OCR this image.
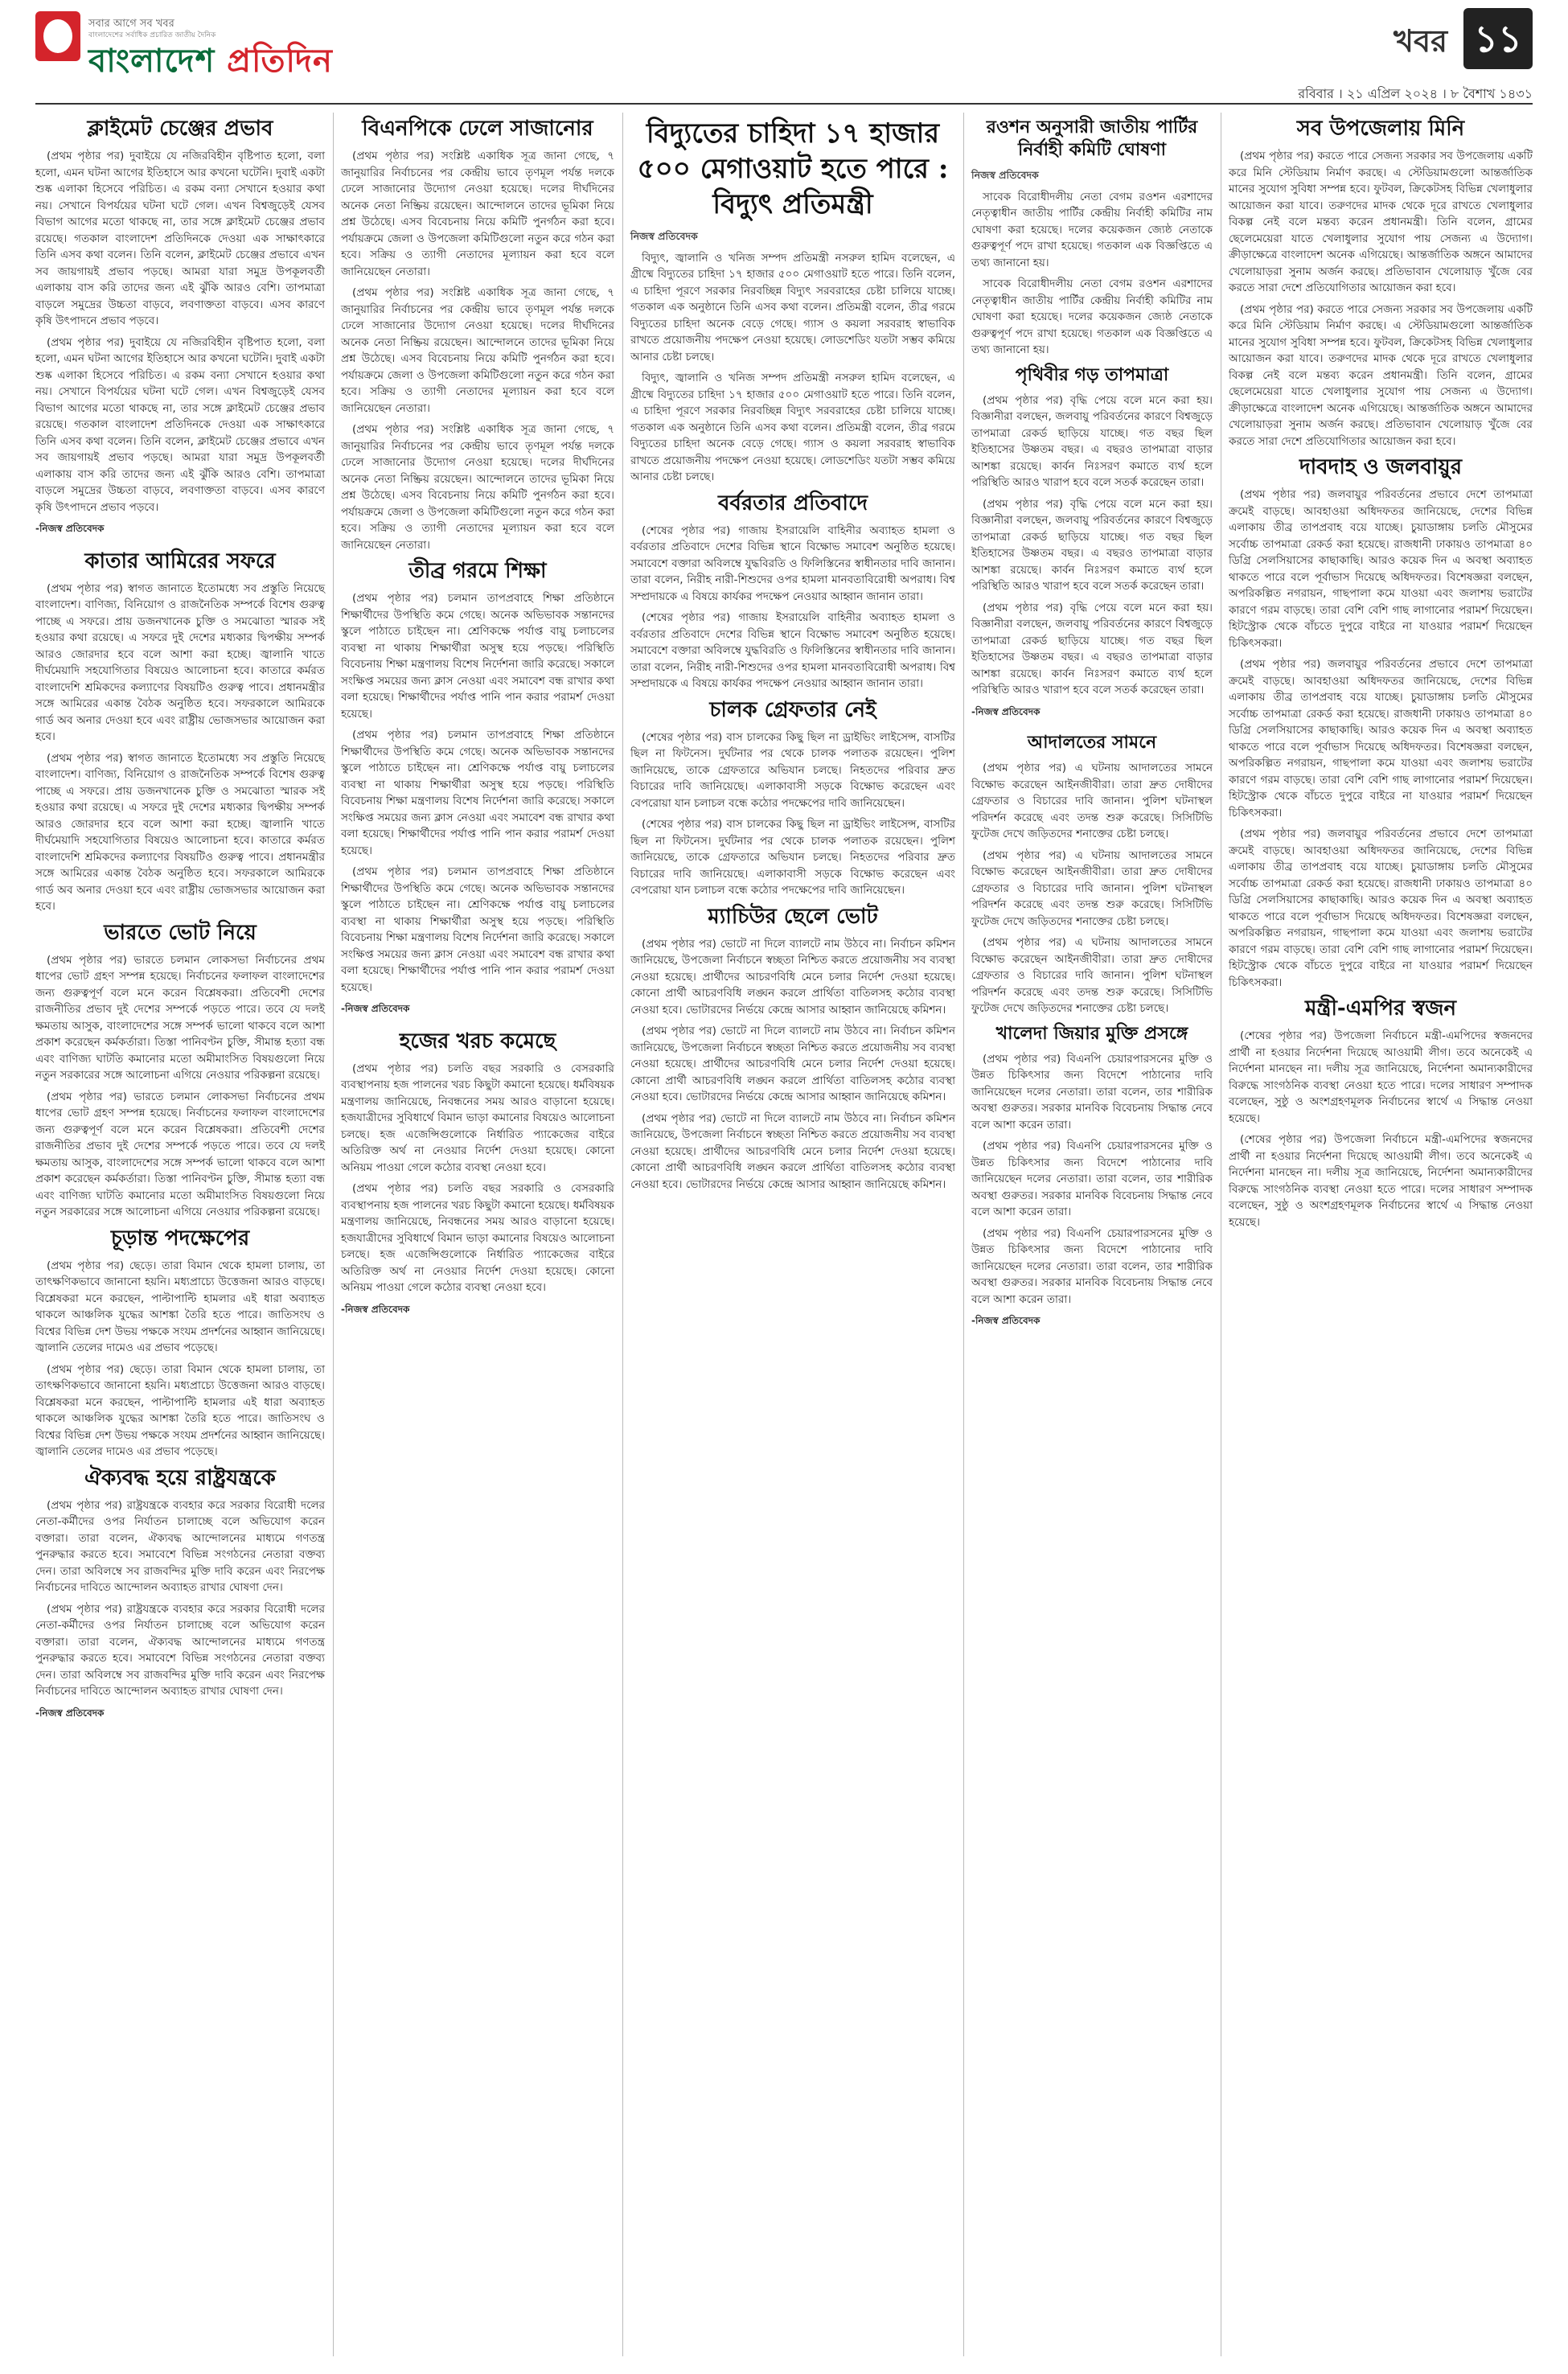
সবার আগে সব খবর
বাংলাদেশের সর্বাধিক প্রচারিত জাতীয় দৈনিক
বাংলাদেশ প্রতিদিন
খবর ১১
রবিবার । ২১ এপ্রিল ২০২৪ । ৮ বৈশাখ ১৪৩১
ক্লাইমেট চেঞ্জের প্রভাব

(প্রথম পৃষ্ঠার পর) দুবাইয়ে যে নজিরবিহীন বৃষ্টিপাত হলো, বলা হলো, এমন ঘটনা আগের ইতিহাসে আর কখনো ঘটেনি। দুবাই একটা শুষ্ক এলাকা হিসেবে পরিচিত। এ রকম বন্যা সেখানে হওয়ার কথা নয়। সেখানে বিপর্যয়ের ঘটনা ঘটে গেল। এখন বিশ্বজুড়েই যেসব বিভাগ আগের মতো থাকছে না, তার সঙ্গে ক্লাইমেট চেঞ্জের প্রভাব রয়েছে। গতকাল বাংলাদেশ প্রতিদিনকে দেওয়া এক সাক্ষাৎকারে তিনি এসব কথা বলেন। তিনি বলেন, ক্লাইমেট চেঞ্জের প্রভাবে এখন সব জায়গায়ই প্রভাব পড়ছে। আমরা যারা সমুদ্র উপকূলবর্তী এলাকায় বাস করি তাদের জন্য এই ঝুঁকি আরও বেশি। তাপমাত্রা বাড়লে সমুদ্রের উচ্চতা বাড়বে, লবণাক্ততা বাড়বে। এসব কারণে কৃষি উৎপাদনে প্রভাব পড়বে।

(প্রথম পৃষ্ঠার পর) দুবাইয়ে যে নজিরবিহীন বৃষ্টিপাত হলো, বলা হলো, এমন ঘটনা আগের ইতিহাসে আর কখনো ঘটেনি। দুবাই একটা শুষ্ক এলাকা হিসেবে পরিচিত। এ রকম বন্যা সেখানে হওয়ার কথা নয়। সেখানে বিপর্যয়ের ঘটনা ঘটে গেল। এখন বিশ্বজুড়েই যেসব বিভাগ আগের মতো থাকছে না, তার সঙ্গে ক্লাইমেট চেঞ্জের প্রভাব রয়েছে। গতকাল বাংলাদেশ প্রতিদিনকে দেওয়া এক সাক্ষাৎকারে তিনি এসব কথা বলেন। তিনি বলেন, ক্লাইমেট চেঞ্জের প্রভাবে এখন সব জায়গায়ই প্রভাব পড়ছে। আমরা যারা সমুদ্র উপকূলবর্তী এলাকায় বাস করি তাদের জন্য এই ঝুঁকি আরও বেশি। তাপমাত্রা বাড়লে সমুদ্রের উচ্চতা বাড়বে, লবণাক্ততা বাড়বে। এসব কারণে কৃষি উৎপাদনে প্রভাব পড়বে।

-নিজস্ব প্রতিবেদক
কাতার আমিরের সফরে

(প্রথম পৃষ্ঠার পর) স্বাগত জানাতে ইতোমধ্যে সব প্রস্তুতি নিয়েছে বাংলাদেশ। বাণিজ্য, বিনিয়োগ ও রাজনৈতিক সম্পর্কে বিশেষ গুরুত্ব পাচ্ছে এ সফরে। প্রায় ডজনখানেক চুক্তি ও সমঝোতা স্মারক সই হওয়ার কথা রয়েছে। এ সফরে দুই দেশের মধ্যকার দ্বিপক্ষীয় সম্পর্ক আরও জোরদার হবে বলে আশা করা হচ্ছে। জ্বালানি খাতে দীর্ঘমেয়াদি সহযোগিতার বিষয়েও আলোচনা হবে। কাতারে কর্মরত বাংলাদেশি শ্রমিকদের কল্যাণের বিষয়টিও গুরুত্ব পাবে। প্রধানমন্ত্রীর সঙ্গে আমিরের একান্ত বৈঠক অনুষ্ঠিত হবে। সফরকালে আমিরকে গার্ড অব অনার দেওয়া হবে এবং রাষ্ট্রীয় ভোজসভার আয়োজন করা হবে।

(প্রথম পৃষ্ঠার পর) স্বাগত জানাতে ইতোমধ্যে সব প্রস্তুতি নিয়েছে বাংলাদেশ। বাণিজ্য, বিনিয়োগ ও রাজনৈতিক সম্পর্কে বিশেষ গুরুত্ব পাচ্ছে এ সফরে। প্রায় ডজনখানেক চুক্তি ও সমঝোতা স্মারক সই হওয়ার কথা রয়েছে। এ সফরে দুই দেশের মধ্যকার দ্বিপক্ষীয় সম্পর্ক আরও জোরদার হবে বলে আশা করা হচ্ছে। জ্বালানি খাতে দীর্ঘমেয়াদি সহযোগিতার বিষয়েও আলোচনা হবে। কাতারে কর্মরত বাংলাদেশি শ্রমিকদের কল্যাণের বিষয়টিও গুরুত্ব পাবে। প্রধানমন্ত্রীর সঙ্গে আমিরের একান্ত বৈঠক অনুষ্ঠিত হবে। সফরকালে আমিরকে গার্ড অব অনার দেওয়া হবে এবং রাষ্ট্রীয় ভোজসভার আয়োজন করা হবে।

ভারতে ভোট নিয়ে

(প্রথম পৃষ্ঠার পর) ভারতে চলমান লোকসভা নির্বাচনের প্রথম ধাপের ভোট গ্রহণ সম্পন্ন হয়েছে। নির্বাচনের ফলাফল বাংলাদেশের জন্য গুরুত্বপূর্ণ বলে মনে করেন বিশ্লেষকরা। প্রতিবেশী দেশের রাজনীতির প্রভাব দুই দেশের সম্পর্কে পড়তে পারে। তবে যে দলই ক্ষমতায় আসুক, বাংলাদেশের সঙ্গে সম্পর্ক ভালো থাকবে বলে আশা প্রকাশ করেছেন কর্মকর্তারা। তিস্তা পানিবণ্টন চুক্তি, সীমান্ত হত্যা বন্ধ এবং বাণিজ্য ঘাটতি কমানোর মতো অমীমাংসিত বিষয়গুলো নিয়ে নতুন সরকারের সঙ্গে আলোচনা এগিয়ে নেওয়ার পরিকল্পনা রয়েছে।

(প্রথম পৃষ্ঠার পর) ভারতে চলমান লোকসভা নির্বাচনের প্রথম ধাপের ভোট গ্রহণ সম্পন্ন হয়েছে। নির্বাচনের ফলাফল বাংলাদেশের জন্য গুরুত্বপূর্ণ বলে মনে করেন বিশ্লেষকরা। প্রতিবেশী দেশের রাজনীতির প্রভাব দুই দেশের সম্পর্কে পড়তে পারে। তবে যে দলই ক্ষমতায় আসুক, বাংলাদেশের সঙ্গে সম্পর্ক ভালো থাকবে বলে আশা প্রকাশ করেছেন কর্মকর্তারা। তিস্তা পানিবণ্টন চুক্তি, সীমান্ত হত্যা বন্ধ এবং বাণিজ্য ঘাটতি কমানোর মতো অমীমাংসিত বিষয়গুলো নিয়ে নতুন সরকারের সঙ্গে আলোচনা এগিয়ে নেওয়ার পরিকল্পনা রয়েছে।

চূড়ান্ত পদক্ষেপের

(প্রথম পৃষ্ঠার পর) ছেড়ে। তারা বিমান থেকে হামলা চালায়, তা তাৎক্ষণিকভাবে জানানো হয়নি। মধ্যপ্রাচ্যে উত্তেজনা আরও বাড়ছে। বিশ্লেষকরা মনে করছেন, পাল্টাপাল্টি হামলার এই ধারা অব্যাহত থাকলে আঞ্চলিক যুদ্ধের আশঙ্কা তৈরি হতে পারে। জাতিসংঘ ও বিশ্বের বিভিন্ন দেশ উভয় পক্ষকে সংযম প্রদর্শনের আহ্বান জানিয়েছে। জ্বালানি তেলের দামেও এর প্রভাব পড়েছে।

(প্রথম পৃষ্ঠার পর) ছেড়ে। তারা বিমান থেকে হামলা চালায়, তা তাৎক্ষণিকভাবে জানানো হয়নি। মধ্যপ্রাচ্যে উত্তেজনা আরও বাড়ছে। বিশ্লেষকরা মনে করছেন, পাল্টাপাল্টি হামলার এই ধারা অব্যাহত থাকলে আঞ্চলিক যুদ্ধের আশঙ্কা তৈরি হতে পারে। জাতিসংঘ ও বিশ্বের বিভিন্ন দেশ উভয় পক্ষকে সংযম প্রদর্শনের আহ্বান জানিয়েছে। জ্বালানি তেলের দামেও এর প্রভাব পড়েছে।

ঐক্যবদ্ধ হয়ে রাষ্ট্রযন্ত্রকে

(প্রথম পৃষ্ঠার পর) রাষ্ট্রযন্ত্রকে ব্যবহার করে সরকার বিরোধী দলের নেতা-কর্মীদের ওপর নির্যাতন চালাচ্ছে বলে অভিযোগ করেন বক্তারা। তারা বলেন, ঐক্যবদ্ধ আন্দোলনের মাধ্যমে গণতন্ত্র পুনরুদ্ধার করতে হবে। সমাবেশে বিভিন্ন সংগঠনের নেতারা বক্তব্য দেন। তারা অবিলম্বে সব রাজবন্দির মুক্তি দাবি করেন এবং নিরপেক্ষ নির্বাচনের দাবিতে আন্দোলন অব্যাহত রাখার ঘোষণা দেন।

(প্রথম পৃষ্ঠার পর) রাষ্ট্রযন্ত্রকে ব্যবহার করে সরকার বিরোধী দলের নেতা-কর্মীদের ওপর নির্যাতন চালাচ্ছে বলে অভিযোগ করেন বক্তারা। তারা বলেন, ঐক্যবদ্ধ আন্দোলনের মাধ্যমে গণতন্ত্র পুনরুদ্ধার করতে হবে। সমাবেশে বিভিন্ন সংগঠনের নেতারা বক্তব্য দেন। তারা অবিলম্বে সব রাজবন্দির মুক্তি দাবি করেন এবং নিরপেক্ষ নির্বাচনের দাবিতে আন্দোলন অব্যাহত রাখার ঘোষণা দেন।

-নিজস্ব প্রতিবেদক
বিএনপিকে ঢেলে সাজানোর

(প্রথম পৃষ্ঠার পর) সংশ্লিষ্ট একাধিক সূত্র জানা গেছে, ৭ জানুয়ারির নির্বাচনের পর কেন্দ্রীয় ভাবে তৃণমূল পর্যন্ত দলকে ঢেলে সাজানোর উদ্যোগ নেওয়া হয়েছে। দলের দীর্ঘদিনের অনেক নেতা নিষ্ক্রিয় রয়েছেন। আন্দোলনে তাদের ভূমিকা নিয়ে প্রশ্ন উঠেছে। এসব বিবেচনায় নিয়ে কমিটি পুনর্গঠন করা হবে। পর্যায়ক্রমে জেলা ও উপজেলা কমিটিগুলো নতুন করে গঠন করা হবে। সক্রিয় ও ত্যাগী নেতাদের মূল্যায়ন করা হবে বলে জানিয়েছেন নেতারা।

(প্রথম পৃষ্ঠার পর) সংশ্লিষ্ট একাধিক সূত্র জানা গেছে, ৭ জানুয়ারির নির্বাচনের পর কেন্দ্রীয় ভাবে তৃণমূল পর্যন্ত দলকে ঢেলে সাজানোর উদ্যোগ নেওয়া হয়েছে। দলের দীর্ঘদিনের অনেক নেতা নিষ্ক্রিয় রয়েছেন। আন্দোলনে তাদের ভূমিকা নিয়ে প্রশ্ন উঠেছে। এসব বিবেচনায় নিয়ে কমিটি পুনর্গঠন করা হবে। পর্যায়ক্রমে জেলা ও উপজেলা কমিটিগুলো নতুন করে গঠন করা হবে। সক্রিয় ও ত্যাগী নেতাদের মূল্যায়ন করা হবে বলে জানিয়েছেন নেতারা।

(প্রথম পৃষ্ঠার পর) সংশ্লিষ্ট একাধিক সূত্র জানা গেছে, ৭ জানুয়ারির নির্বাচনের পর কেন্দ্রীয় ভাবে তৃণমূল পর্যন্ত দলকে ঢেলে সাজানোর উদ্যোগ নেওয়া হয়েছে। দলের দীর্ঘদিনের অনেক নেতা নিষ্ক্রিয় রয়েছেন। আন্দোলনে তাদের ভূমিকা নিয়ে প্রশ্ন উঠেছে। এসব বিবেচনায় নিয়ে কমিটি পুনর্গঠন করা হবে। পর্যায়ক্রমে জেলা ও উপজেলা কমিটিগুলো নতুন করে গঠন করা হবে। সক্রিয় ও ত্যাগী নেতাদের মূল্যায়ন করা হবে বলে জানিয়েছেন নেতারা।

তীব্র গরমে শিক্ষা

(প্রথম পৃষ্ঠার পর) চলমান তাপপ্রবাহে শিক্ষা প্রতিষ্ঠানে শিক্ষার্থীদের উপস্থিতি কমে গেছে। অনেক অভিভাবক সন্তানদের স্কুলে পাঠাতে চাইছেন না। শ্রেণিকক্ষে পর্যাপ্ত বায়ু চলাচলের ব্যবস্থা না থাকায় শিক্ষার্থীরা অসুস্থ হয়ে পড়ছে। পরিস্থিতি বিবেচনায় শিক্ষা মন্ত্রণালয় বিশেষ নির্দেশনা জারি করেছে। সকালে সংক্ষিপ্ত সময়ের জন্য ক্লাস নেওয়া এবং সমাবেশ বন্ধ রাখার কথা বলা হয়েছে। শিক্ষার্থীদের পর্যাপ্ত পানি পান করার পরামর্শ দেওয়া হয়েছে।

(প্রথম পৃষ্ঠার পর) চলমান তাপপ্রবাহে শিক্ষা প্রতিষ্ঠানে শিক্ষার্থীদের উপস্থিতি কমে গেছে। অনেক অভিভাবক সন্তানদের স্কুলে পাঠাতে চাইছেন না। শ্রেণিকক্ষে পর্যাপ্ত বায়ু চলাচলের ব্যবস্থা না থাকায় শিক্ষার্থীরা অসুস্থ হয়ে পড়ছে। পরিস্থিতি বিবেচনায় শিক্ষা মন্ত্রণালয় বিশেষ নির্দেশনা জারি করেছে। সকালে সংক্ষিপ্ত সময়ের জন্য ক্লাস নেওয়া এবং সমাবেশ বন্ধ রাখার কথা বলা হয়েছে। শিক্ষার্থীদের পর্যাপ্ত পানি পান করার পরামর্শ দেওয়া হয়েছে।

(প্রথম পৃষ্ঠার পর) চলমান তাপপ্রবাহে শিক্ষা প্রতিষ্ঠানে শিক্ষার্থীদের উপস্থিতি কমে গেছে। অনেক অভিভাবক সন্তানদের স্কুলে পাঠাতে চাইছেন না। শ্রেণিকক্ষে পর্যাপ্ত বায়ু চলাচলের ব্যবস্থা না থাকায় শিক্ষার্থীরা অসুস্থ হয়ে পড়ছে। পরিস্থিতি বিবেচনায় শিক্ষা মন্ত্রণালয় বিশেষ নির্দেশনা জারি করেছে। সকালে সংক্ষিপ্ত সময়ের জন্য ক্লাস নেওয়া এবং সমাবেশ বন্ধ রাখার কথা বলা হয়েছে। শিক্ষার্থীদের পর্যাপ্ত পানি পান করার পরামর্শ দেওয়া হয়েছে।

-নিজস্ব প্রতিবেদক
হজের খরচ কমেছে

(প্রথম পৃষ্ঠার পর) চলতি বছর সরকারি ও বেসরকারি ব্যবস্থাপনায় হজ পালনের খরচ কিছুটা কমানো হয়েছে। ধর্মবিষয়ক মন্ত্রণালয় জানিয়েছে, নিবন্ধনের সময় আরও বাড়ানো হয়েছে। হজযাত্রীদের সুবিধার্থে বিমান ভাড়া কমানোর বিষয়েও আলোচনা চলছে। হজ এজেন্সিগুলোকে নির্ধারিত প্যাকেজের বাইরে অতিরিক্ত অর্থ না নেওয়ার নির্দেশ দেওয়া হয়েছে। কোনো অনিয়ম পাওয়া গেলে কঠোর ব্যবস্থা নেওয়া হবে।

(প্রথম পৃষ্ঠার পর) চলতি বছর সরকারি ও বেসরকারি ব্যবস্থাপনায় হজ পালনের খরচ কিছুটা কমানো হয়েছে। ধর্মবিষয়ক মন্ত্রণালয় জানিয়েছে, নিবন্ধনের সময় আরও বাড়ানো হয়েছে। হজযাত্রীদের সুবিধার্থে বিমান ভাড়া কমানোর বিষয়েও আলোচনা চলছে। হজ এজেন্সিগুলোকে নির্ধারিত প্যাকেজের বাইরে অতিরিক্ত অর্থ না নেওয়ার নির্দেশ দেওয়া হয়েছে। কোনো অনিয়ম পাওয়া গেলে কঠোর ব্যবস্থা নেওয়া হবে।

-নিজস্ব প্রতিবেদক
বিদ্যুতের চাহিদা ১৭ হাজার ৫০০ মেগাওয়াট হতে পারে : বিদ্যুৎ প্রতিমন্ত্রী
নিজস্ব প্রতিবেদক

বিদ্যুৎ, জ্বালানি ও খনিজ সম্পদ প্রতিমন্ত্রী নসরুল হামিদ বলেছেন, এ গ্রীষ্মে বিদ্যুতের চাহিদা ১৭ হাজার ৫০০ মেগাওয়াট হতে পারে। তিনি বলেন, এ চাহিদা পূরণে সরকার নিরবচ্ছিন্ন বিদ্যুৎ সরবরাহের চেষ্টা চালিয়ে যাচ্ছে। গতকাল এক অনুষ্ঠানে তিনি এসব কথা বলেন। প্রতিমন্ত্রী বলেন, তীব্র গরমে বিদ্যুতের চাহিদা অনেক বেড়ে গেছে। গ্যাস ও কয়লা সরবরাহ স্বাভাবিক রাখতে প্রয়োজনীয় পদক্ষেপ নেওয়া হয়েছে। লোডশেডিং যতটা সম্ভব কমিয়ে আনার চেষ্টা চলছে।

বিদ্যুৎ, জ্বালানি ও খনিজ সম্পদ প্রতিমন্ত্রী নসরুল হামিদ বলেছেন, এ গ্রীষ্মে বিদ্যুতের চাহিদা ১৭ হাজার ৫০০ মেগাওয়াট হতে পারে। তিনি বলেন, এ চাহিদা পূরণে সরকার নিরবচ্ছিন্ন বিদ্যুৎ সরবরাহের চেষ্টা চালিয়ে যাচ্ছে। গতকাল এক অনুষ্ঠানে তিনি এসব কথা বলেন। প্রতিমন্ত্রী বলেন, তীব্র গরমে বিদ্যুতের চাহিদা অনেক বেড়ে গেছে। গ্যাস ও কয়লা সরবরাহ স্বাভাবিক রাখতে প্রয়োজনীয় পদক্ষেপ নেওয়া হয়েছে। লোডশেডিং যতটা সম্ভব কমিয়ে আনার চেষ্টা চলছে।

বর্বরতার প্রতিবাদে

(শেষের পৃষ্ঠার পর) গাজায় ইসরায়েলি বাহিনীর অব্যাহত হামলা ও বর্বরতার প্রতিবাদে দেশের বিভিন্ন স্থানে বিক্ষোভ সমাবেশ অনুষ্ঠিত হয়েছে। সমাবেশে বক্তারা অবিলম্বে যুদ্ধবিরতি ও ফিলিস্তিনের স্বাধীনতার দাবি জানান। তারা বলেন, নিরীহ নারী-শিশুদের ওপর হামলা মানবতাবিরোধী অপরাধ। বিশ্ব সম্প্রদায়কে এ বিষয়ে কার্যকর পদক্ষেপ নেওয়ার আহ্বান জানান তারা।

(শেষের পৃষ্ঠার পর) গাজায় ইসরায়েলি বাহিনীর অব্যাহত হামলা ও বর্বরতার প্রতিবাদে দেশের বিভিন্ন স্থানে বিক্ষোভ সমাবেশ অনুষ্ঠিত হয়েছে। সমাবেশে বক্তারা অবিলম্বে যুদ্ধবিরতি ও ফিলিস্তিনের স্বাধীনতার দাবি জানান। তারা বলেন, নিরীহ নারী-শিশুদের ওপর হামলা মানবতাবিরোধী অপরাধ। বিশ্ব সম্প্রদায়কে এ বিষয়ে কার্যকর পদক্ষেপ নেওয়ার আহ্বান জানান তারা।

চালক গ্রেফতার নেই

(শেষের পৃষ্ঠার পর) বাস চালকের কিছু ছিল না ড্রাইভিং লাইসেন্স, বাসটির ছিল না ফিটনেস। দুর্ঘটনার পর থেকে চালক পলাতক রয়েছেন। পুলিশ জানিয়েছে, তাকে গ্রেফতারে অভিযান চলছে। নিহতদের পরিবার দ্রুত বিচারের দাবি জানিয়েছে। এলাকাবাসী সড়কে বিক্ষোভ করেছেন এবং বেপরোয়া যান চলাচল বন্ধে কঠোর পদক্ষেপের দাবি জানিয়েছেন।

(শেষের পৃষ্ঠার পর) বাস চালকের কিছু ছিল না ড্রাইভিং লাইসেন্স, বাসটির ছিল না ফিটনেস। দুর্ঘটনার পর থেকে চালক পলাতক রয়েছেন। পুলিশ জানিয়েছে, তাকে গ্রেফতারে অভিযান চলছে। নিহতদের পরিবার দ্রুত বিচারের দাবি জানিয়েছে। এলাকাবাসী সড়কে বিক্ষোভ করেছেন এবং বেপরোয়া যান চলাচল বন্ধে কঠোর পদক্ষেপের দাবি জানিয়েছেন।

ম্যাচিউর ছেলে ভোট

(প্রথম পৃষ্ঠার পর) ভোটে না দিলে ব্যালটে নাম উঠবে না। নির্বাচন কমিশন জানিয়েছে, উপজেলা নির্বাচনে স্বচ্ছতা নিশ্চিত করতে প্রয়োজনীয় সব ব্যবস্থা নেওয়া হয়েছে। প্রার্থীদের আচরণবিধি মেনে চলার নির্দেশ দেওয়া হয়েছে। কোনো প্রার্থী আচরণবিধি লঙ্ঘন করলে প্রার্থিতা বাতিলসহ কঠোর ব্যবস্থা নেওয়া হবে। ভোটারদের নির্ভয়ে কেন্দ্রে আসার আহ্বান জানিয়েছে কমিশন।

(প্রথম পৃষ্ঠার পর) ভোটে না দিলে ব্যালটে নাম উঠবে না। নির্বাচন কমিশন জানিয়েছে, উপজেলা নির্বাচনে স্বচ্ছতা নিশ্চিত করতে প্রয়োজনীয় সব ব্যবস্থা নেওয়া হয়েছে। প্রার্থীদের আচরণবিধি মেনে চলার নির্দেশ দেওয়া হয়েছে। কোনো প্রার্থী আচরণবিধি লঙ্ঘন করলে প্রার্থিতা বাতিলসহ কঠোর ব্যবস্থা নেওয়া হবে। ভোটারদের নির্ভয়ে কেন্দ্রে আসার আহ্বান জানিয়েছে কমিশন।

(প্রথম পৃষ্ঠার পর) ভোটে না দিলে ব্যালটে নাম উঠবে না। নির্বাচন কমিশন জানিয়েছে, উপজেলা নির্বাচনে স্বচ্ছতা নিশ্চিত করতে প্রয়োজনীয় সব ব্যবস্থা নেওয়া হয়েছে। প্রার্থীদের আচরণবিধি মেনে চলার নির্দেশ দেওয়া হয়েছে। কোনো প্রার্থী আচরণবিধি লঙ্ঘন করলে প্রার্থিতা বাতিলসহ কঠোর ব্যবস্থা নেওয়া হবে। ভোটারদের নির্ভয়ে কেন্দ্রে আসার আহ্বান জানিয়েছে কমিশন।

রওশন অনুসারী জাতীয় পার্টির নির্বাহী কমিটি ঘোষণা
নিজস্ব প্রতিবেদক

সাবেক বিরোধীদলীয় নেতা বেগম রওশন এরশাদের নেতৃত্বাধীন জাতীয় পার্টির কেন্দ্রীয় নির্বাহী কমিটির নাম ঘোষণা করা হয়েছে। দলের কয়েকজন জ্যেষ্ঠ নেতাকে গুরুত্বপূর্ণ পদে রাখা হয়েছে। গতকাল এক বিজ্ঞপ্তিতে এ তথ্য জানানো হয়।

সাবেক বিরোধীদলীয় নেতা বেগম রওশন এরশাদের নেতৃত্বাধীন জাতীয় পার্টির কেন্দ্রীয় নির্বাহী কমিটির নাম ঘোষণা করা হয়েছে। দলের কয়েকজন জ্যেষ্ঠ নেতাকে গুরুত্বপূর্ণ পদে রাখা হয়েছে। গতকাল এক বিজ্ঞপ্তিতে এ তথ্য জানানো হয়।

পৃথিবীর গড় তাপমাত্রা

(প্রথম পৃষ্ঠার পর) বৃদ্ধি পেয়ে বলে মনে করা হয়। বিজ্ঞানীরা বলছেন, জলবায়ু পরিবর্তনের কারণে বিশ্বজুড়ে তাপমাত্রা রেকর্ড ছাড়িয়ে যাচ্ছে। গত বছর ছিল ইতিহাসের উষ্ণতম বছর। এ বছরও তাপমাত্রা বাড়ার আশঙ্কা রয়েছে। কার্বন নিঃসরণ কমাতে ব্যর্থ হলে পরিস্থিতি আরও খারাপ হবে বলে সতর্ক করেছেন তারা।

(প্রথম পৃষ্ঠার পর) বৃদ্ধি পেয়ে বলে মনে করা হয়। বিজ্ঞানীরা বলছেন, জলবায়ু পরিবর্তনের কারণে বিশ্বজুড়ে তাপমাত্রা রেকর্ড ছাড়িয়ে যাচ্ছে। গত বছর ছিল ইতিহাসের উষ্ণতম বছর। এ বছরও তাপমাত্রা বাড়ার আশঙ্কা রয়েছে। কার্বন নিঃসরণ কমাতে ব্যর্থ হলে পরিস্থিতি আরও খারাপ হবে বলে সতর্ক করেছেন তারা।

(প্রথম পৃষ্ঠার পর) বৃদ্ধি পেয়ে বলে মনে করা হয়। বিজ্ঞানীরা বলছেন, জলবায়ু পরিবর্তনের কারণে বিশ্বজুড়ে তাপমাত্রা রেকর্ড ছাড়িয়ে যাচ্ছে। গত বছর ছিল ইতিহাসের উষ্ণতম বছর। এ বছরও তাপমাত্রা বাড়ার আশঙ্কা রয়েছে। কার্বন নিঃসরণ কমাতে ব্যর্থ হলে পরিস্থিতি আরও খারাপ হবে বলে সতর্ক করেছেন তারা।

-নিজস্ব প্রতিবেদক
আদালতের সামনে

(প্রথম পৃষ্ঠার পর) এ ঘটনায় আদালতের সামনে বিক্ষোভ করেছেন আইনজীবীরা। তারা দ্রুত দোষীদের গ্রেফতার ও বিচারের দাবি জানান। পুলিশ ঘটনাস্থল পরিদর্শন করেছে এবং তদন্ত শুরু করেছে। সিসিটিভি ফুটেজ দেখে জড়িতদের শনাক্তের চেষ্টা চলছে।

(প্রথম পৃষ্ঠার পর) এ ঘটনায় আদালতের সামনে বিক্ষোভ করেছেন আইনজীবীরা। তারা দ্রুত দোষীদের গ্রেফতার ও বিচারের দাবি জানান। পুলিশ ঘটনাস্থল পরিদর্শন করেছে এবং তদন্ত শুরু করেছে। সিসিটিভি ফুটেজ দেখে জড়িতদের শনাক্তের চেষ্টা চলছে।

(প্রথম পৃষ্ঠার পর) এ ঘটনায় আদালতের সামনে বিক্ষোভ করেছেন আইনজীবীরা। তারা দ্রুত দোষীদের গ্রেফতার ও বিচারের দাবি জানান। পুলিশ ঘটনাস্থল পরিদর্শন করেছে এবং তদন্ত শুরু করেছে। সিসিটিভি ফুটেজ দেখে জড়িতদের শনাক্তের চেষ্টা চলছে।

খালেদা জিয়ার মুক্তি প্রসঙ্গে

(প্রথম পৃষ্ঠার পর) বিএনপি চেয়ারপারসনের মুক্তি ও উন্নত চিকিৎসার জন্য বিদেশে পাঠানোর দাবি জানিয়েছেন দলের নেতারা। তারা বলেন, তার শারীরিক অবস্থা গুরুতর। সরকার মানবিক বিবেচনায় সিদ্ধান্ত নেবে বলে আশা করেন তারা।

(প্রথম পৃষ্ঠার পর) বিএনপি চেয়ারপারসনের মুক্তি ও উন্নত চিকিৎসার জন্য বিদেশে পাঠানোর দাবি জানিয়েছেন দলের নেতারা। তারা বলেন, তার শারীরিক অবস্থা গুরুতর। সরকার মানবিক বিবেচনায় সিদ্ধান্ত নেবে বলে আশা করেন তারা।

(প্রথম পৃষ্ঠার পর) বিএনপি চেয়ারপারসনের মুক্তি ও উন্নত চিকিৎসার জন্য বিদেশে পাঠানোর দাবি জানিয়েছেন দলের নেতারা। তারা বলেন, তার শারীরিক অবস্থা গুরুতর। সরকার মানবিক বিবেচনায় সিদ্ধান্ত নেবে বলে আশা করেন তারা।

-নিজস্ব প্রতিবেদক
সব উপজেলায় মিনি

(প্রথম পৃষ্ঠার পর) করতে পারে সেজন্য সরকার সব উপজেলায় একটি করে মিনি স্টেডিয়াম নির্মাণ করছে। এ স্টেডিয়ামগুলো আন্তর্জাতিক মানের সুযোগ সুবিধা সম্পন্ন হবে। ফুটবল, ক্রিকেটসহ বিভিন্ন খেলাধুলার আয়োজন করা যাবে। তরুণদের মাদক থেকে দূরে রাখতে খেলাধুলার বিকল্প নেই বলে মন্তব্য করেন প্রধানমন্ত্রী। তিনি বলেন, গ্রামের ছেলেমেয়েরা যাতে খেলাধুলার সুযোগ পায় সেজন্য এ উদ্যোগ। ক্রীড়াক্ষেত্রে বাংলাদেশ অনেক এগিয়েছে। আন্তর্জাতিক অঙ্গনে আমাদের খেলোয়াড়রা সুনাম অর্জন করছে। প্রতিভাবান খেলোয়াড় খুঁজে বের করতে সারা দেশে প্রতিযোগিতার আয়োজন করা হবে।

(প্রথম পৃষ্ঠার পর) করতে পারে সেজন্য সরকার সব উপজেলায় একটি করে মিনি স্টেডিয়াম নির্মাণ করছে। এ স্টেডিয়ামগুলো আন্তর্জাতিক মানের সুযোগ সুবিধা সম্পন্ন হবে। ফুটবল, ক্রিকেটসহ বিভিন্ন খেলাধুলার আয়োজন করা যাবে। তরুণদের মাদক থেকে দূরে রাখতে খেলাধুলার বিকল্প নেই বলে মন্তব্য করেন প্রধানমন্ত্রী। তিনি বলেন, গ্রামের ছেলেমেয়েরা যাতে খেলাধুলার সুযোগ পায় সেজন্য এ উদ্যোগ। ক্রীড়াক্ষেত্রে বাংলাদেশ অনেক এগিয়েছে। আন্তর্জাতিক অঙ্গনে আমাদের খেলোয়াড়রা সুনাম অর্জন করছে। প্রতিভাবান খেলোয়াড় খুঁজে বের করতে সারা দেশে প্রতিযোগিতার আয়োজন করা হবে।

দাবদাহ ও জলবায়ুর

(প্রথম পৃষ্ঠার পর) জলবায়ুর পরিবর্তনের প্রভাবে দেশে তাপমাত্রা ক্রমেই বাড়ছে। আবহাওয়া অধিদফতর জানিয়েছে, দেশের বিভিন্ন এলাকায় তীব্র তাপপ্রবাহ বয়ে যাচ্ছে। চুয়াডাঙ্গায় চলতি মৌসুমের সর্বোচ্চ তাপমাত্রা রেকর্ড করা হয়েছে। রাজধানী ঢাকায়ও তাপমাত্রা ৪০ ডিগ্রি সেলসিয়াসের কাছাকাছি। আরও কয়েক দিন এ অবস্থা অব্যাহত থাকতে পারে বলে পূর্বাভাস দিয়েছে অধিদফতর। বিশেষজ্ঞরা বলছেন, অপরিকল্পিত নগরায়ন, গাছপালা কমে যাওয়া এবং জলাশয় ভরাটের কারণে গরম বাড়ছে। তারা বেশি বেশি গাছ লাগানোর পরামর্শ দিয়েছেন। হিটস্ট্রোক থেকে বাঁচতে দুপুরে বাইরে না যাওয়ার পরামর্শ দিয়েছেন চিকিৎসকরা।

(প্রথম পৃষ্ঠার পর) জলবায়ুর পরিবর্তনের প্রভাবে দেশে তাপমাত্রা ক্রমেই বাড়ছে। আবহাওয়া অধিদফতর জানিয়েছে, দেশের বিভিন্ন এলাকায় তীব্র তাপপ্রবাহ বয়ে যাচ্ছে। চুয়াডাঙ্গায় চলতি মৌসুমের সর্বোচ্চ তাপমাত্রা রেকর্ড করা হয়েছে। রাজধানী ঢাকায়ও তাপমাত্রা ৪০ ডিগ্রি সেলসিয়াসের কাছাকাছি। আরও কয়েক দিন এ অবস্থা অব্যাহত থাকতে পারে বলে পূর্বাভাস দিয়েছে অধিদফতর। বিশেষজ্ঞরা বলছেন, অপরিকল্পিত নগরায়ন, গাছপালা কমে যাওয়া এবং জলাশয় ভরাটের কারণে গরম বাড়ছে। তারা বেশি বেশি গাছ লাগানোর পরামর্শ দিয়েছেন। হিটস্ট্রোক থেকে বাঁচতে দুপুরে বাইরে না যাওয়ার পরামর্শ দিয়েছেন চিকিৎসকরা।

(প্রথম পৃষ্ঠার পর) জলবায়ুর পরিবর্তনের প্রভাবে দেশে তাপমাত্রা ক্রমেই বাড়ছে। আবহাওয়া অধিদফতর জানিয়েছে, দেশের বিভিন্ন এলাকায় তীব্র তাপপ্রবাহ বয়ে যাচ্ছে। চুয়াডাঙ্গায় চলতি মৌসুমের সর্বোচ্চ তাপমাত্রা রেকর্ড করা হয়েছে। রাজধানী ঢাকায়ও তাপমাত্রা ৪০ ডিগ্রি সেলসিয়াসের কাছাকাছি। আরও কয়েক দিন এ অবস্থা অব্যাহত থাকতে পারে বলে পূর্বাভাস দিয়েছে অধিদফতর। বিশেষজ্ঞরা বলছেন, অপরিকল্পিত নগরায়ন, গাছপালা কমে যাওয়া এবং জলাশয় ভরাটের কারণে গরম বাড়ছে। তারা বেশি বেশি গাছ লাগানোর পরামর্শ দিয়েছেন। হিটস্ট্রোক থেকে বাঁচতে দুপুরে বাইরে না যাওয়ার পরামর্শ দিয়েছেন চিকিৎসকরা।

মন্ত্রী-এমপির স্বজন

(শেষের পৃষ্ঠার পর) উপজেলা নির্বাচনে মন্ত্রী-এমপিদের স্বজনদের প্রার্থী না হওয়ার নির্দেশনা দিয়েছে আওয়ামী লীগ। তবে অনেকেই এ নির্দেশনা মানছেন না। দলীয় সূত্র জানিয়েছে, নির্দেশনা অমান্যকারীদের বিরুদ্ধে সাংগঠনিক ব্যবস্থা নেওয়া হতে পারে। দলের সাধারণ সম্পাদক বলেছেন, সুষ্ঠু ও অংশগ্রহণমূলক নির্বাচনের স্বার্থে এ সিদ্ধান্ত নেওয়া হয়েছে।

(শেষের পৃষ্ঠার পর) উপজেলা নির্বাচনে মন্ত্রী-এমপিদের স্বজনদের প্রার্থী না হওয়ার নির্দেশনা দিয়েছে আওয়ামী লীগ। তবে অনেকেই এ নির্দেশনা মানছেন না। দলীয় সূত্র জানিয়েছে, নির্দেশনা অমান্যকারীদের বিরুদ্ধে সাংগঠনিক ব্যবস্থা নেওয়া হতে পারে। দলের সাধারণ সম্পাদক বলেছেন, সুষ্ঠু ও অংশগ্রহণমূলক নির্বাচনের স্বার্থে এ সিদ্ধান্ত নেওয়া হয়েছে।
